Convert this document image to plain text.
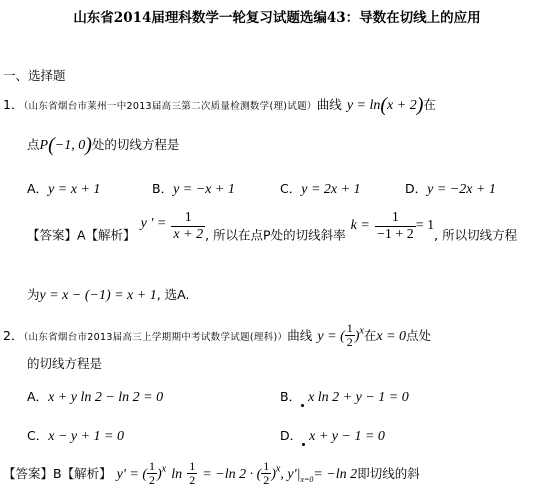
山东省2014届理科数学一轮复习试题选编43：导数在切线上的应用
一、选择题
1．（山东省烟台市莱州一中2013届高三第二次质量检测数学(理)试题）曲线 y = ln(x + 2)在
点P(−1, 0)处的切线方程是
A．y = x + 1	B．y = −x + 1	C．y = 2x + 1	D．y = −2x + 1
【答案】A【解析】 y ' = $\frac{1}{x + 2}$ , 所以在点P处的切线斜率 $k = \frac{1}{-1 + 2} = 1$, 所以切线方程
为y = x − (−1) = x + 1, 选A.
2．（山东省烟台市2013届高三上学期期中考试数学试题(理科)）曲线 y = ( $\frac{1}{2} )^x$在x = 0点处
的切线方程是
A．x + y ln 2 − ln 2 = 0	B． x ln 2 + y − 1 = 0
C．x − y + 1 = 0	D． x + y − 1 = 0
【答案】B【解析】 y' = ( $\frac{1}{2} )^x$ $\ln \frac{1}{2} = -\ln$ 2 · ( $\frac{1}{2} )^x$, $y'|_{x=0}= -\ln$ 2即切线的斜
